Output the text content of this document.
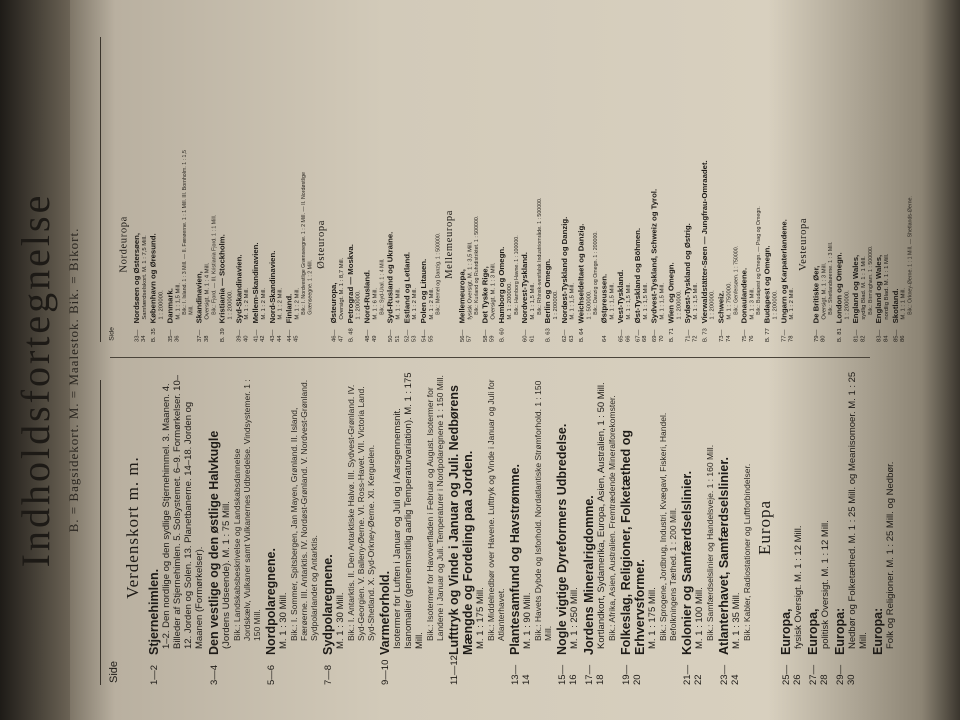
Indholdsfortegnelse B. = Bagsidekort. M. = Maalestok. Bik. = Bikort.
Side
Verdenskort m. m.
1—2
Stjernehimlen. 1–2. Den nordlige og den sydlige Stjernehimmel. 3. Maanen. 4. Billeder af Stjernehimlen. 5. Solsystemet. 6–9. Formørkelser. 10–12. Jorden og Solen. 13. Planetbanerne. 14–18. Jorden og Maanen (Formørkelser).
3—4
Den vestlige og den østlige Halvkugle (Jordens Udseende). M. 1 : 75 Mill. Bik.: Landskabsbeskrivelse og Landskabsdannelse Jordskælv, Vulkaner samt Vulkanernes Udbredelse. Vindsystemer. 1 : 150 Mill.
5—6
Nordpolaregnene. M. 1 : 30 Mill. Bik.: I. Sommer, Spitsbergen, Jan Mayen, Grønland. II. Island, Færøerne. III. Antarktis. IV. Nordøst-Grønland. V. Nordvest-Grønland. Sydpolarlandet og Antarktis.
7—8
Sydpolaregnene. M. 1 : 30 Mill. Bik.: I. Antarktis. II. Den Antarktiske Halvø. III. Sydvest-Grønland. IV. Syd-Georgien. V. Balleny-Øerne. VI. Ross-Havet. VII. Victoria Land. Syd-Shetland. X. Syd-Orkney-Øerne. XI. Kerguelen.
9—10
Varmeforhold. Isotermer for Luften i Januar og Juli og i Aarsgennemsnit. Isanomalier (gennemsnitlig aarlig Temperaturvariation). M. 1 : 175 Mill. Bik.: Isotermer for Havoverfladen i Februar og August. Isotermer for Landene i Januar og Juli. Temperaturer i Nordpolaregnene 1 : 150 Mill.
11—12
Lufttryk og Vinde i Januar og Juli. Nedbørens Mængde og Fordeling paa Jorden. M. 1 : 175 Mill. Bik.: Middelnedbør over Havene. Lufttryk og Vinde i Januar og Juli for Atlanterhavet.
13—14
Plantesamfund og Havstrømme. M. 1 : 90 Mill. Bik.: Havets Dybde og Isforhold. Nordatlantiske Strømforhold. 1 : 150 Mill.
15—16
Nogle vigtige Dyreformers Udbredelse. M. 1 : 250 Mill.
17—18
Jordens Mineralrigdomme. Kortlandkort, Sydamerika, Europa, Asien, Australien, 1 : 50 Mill. Bik.: Afrika, Asien, Australien. Fremtrædende Mineralforekomster.
19—20
Folkeslag, Religioner, Folketæthed og Erhvervsformer. M. 1 : 175 Mill. Bik.: Sprogene, Jordbrug, Industri, Kvægavl, Fiskeri, Handel. Befolkningens Tæthed. 1 : 200 Mill.
21—22
Kolonier og Samfærdselslinier. M. 1 : 100 Mill. Bik.: Samfærdselslinier og Handelsveje. 1 : 160 Mill.
23—24
Atlanterhavet, Samfærdselslinier. M. 1 : 35 Mill. Bik.: Kabler, Radiostationer og Luftforbindelser. Europa
25—26
Europa, fysisk Oversigt. M. 1 : 12 Mill.
27—28
Europa, politisk Oversigt. M. 1 : 12 Mill.
29—30
Europa: Nedbør og Folketæthed. M. 1 : 25 Mill. og Meanisomoer. M. 1 : 25 Mill. Europa: Folk og Religioner. M. 1 : 25 Mill. og Nedbør.
Side
Nordeuropa
33—34
Nordsøen og Østersøen, Samfærdselskort. M. 1 : 7,5 Mill.
B. 35
København og Øresund. 1 : 200000.
35—36
Danmark. M. 1 : 1,5 Mill. Bik.: I. Island. 1 : 3 Mill. — II. Færøerne. 1 : 1 Mill. III. Bornholm. 1 : 1,5 Mill.
37—38
Skandinavien, Oversigt. M. 1 : 4 Mill. Bik.: Fjord. — III. Kristiania Fjord. 1 : 1 Mill.
B. 39
Kristiania — Stockholm. 1 : 200000.
39—40
Syd-Skandinavien. M. 1 : 2 Mill.
41—42
Mellem-Skandinavien. M. 1 : 2 Mill.
43—44
Nord-Skandinavien. M. 1 : 2 Mill.
44—45
Finland. M. 1 : 2 Mill. Bik.: I. Nordvestlige Grænseegne. 1 : 2 Mill. — II. Nordøstlige Grænseegne. 1 : 2 Mill.
Østeuropa
46—47
Østeuropa, Oversigt. M. 1 : 8,7 Mill.
B. 48
Petrograd — Moskva. 1 : 200000.
48—49
Nord-Rusland. M. 1 : 6 Mill. Bik.: Syd-Ural. 1 : 4 Mill.
50—51
Syd-Rusland og Ukraine. M. 1 : 4 Mill.
52—53
Estland og Letland. M. 1 : 2 Mill.
54—55
Polen og Litauen. M. 1 : 2 Mill. Bik.: Memel og Danzig. 1 : 500000. Mellemeuropa
56—57
Mellemeuropa, fysisk Oversigt. M. 1 : 3,5 Mill. Bik.: Kurland og Ruhrdistriktet. 1 : 500000.
58—59
Det Tyske Rige, Oversigt. M. 1 : 3 Mill.
B. 60
Hamborg og Omegn. M. 1 : 200000. Bik.: Hamborg Havne. 1 : 100000.
60—61
Nordvest-Tyskland. M. 1 : 1,5 Mill. Bik.: Rhinsk-westfalsk Industriområde. 1 : 500000.
B. 63
Berlin og Omegn. 1 : 200000.
62—63
Nordøst-Tyskland og Danzig. M. 1 : 1,5 Mill.
B. 64
Weichseldeltaet og Danzig. 1 : 500000. Bik.: Danzig og Omegn. 1 : 200000.
64
Østpreussen. M. 1 : 1,5 Mill.
65—66
Vest-Tyskland. M. 1 : 1,5 Mill.
67—68
Øst-Tyskland og Böhmen. M. 1 : 1,5 Mill.
69—70
Sydvest-Tyskland, Schweiz og Tyrol. M. 1 : 1,5 Mill.
B. 71
Wien og Omegn. 1 : 200000.
71—72
Sydøst-Tyskland og Østrig. M. 1 : 1,5 Mill.
B. 73
Vierwaldstätter-Søen — Jungfrau-Omraadet. 1 : 200000.
73—74
Schweiz. M. 1 : 750000. Bik.: Genfersøen. 1 : 750000.
75—76
Donaulandene. M. 1 : 3 Mill. Bik.: Budapest og Omegn. — Prag og Omegn.
B. 77
Budapest og Omegn. 1 : 200000.
77—78
Ungarn og Karpaterlandene. M. 1 : 2 Mill.
Vesteuropa
79—80
De Britiske Øer, Oversigt. M. 1 : 3 Mill. Bik.: Shetlandsøerne. 1 : 3 Mill.
B. 81
London og Omegn. 1 : 200000.
81—82
England og Wales, sydlig Blad. M. 1 : 1 Mill. Bik.: Birmingham. 1 : 500000.
83—84
England og Wales, nordlig Blad. M. 1 : 1 Mill.
85—86
Skotland. M. 1 : 1 Mill. Bik.: Orkney-Øerne. 1 : 1 Mill. — Shetlands-Øerne.
